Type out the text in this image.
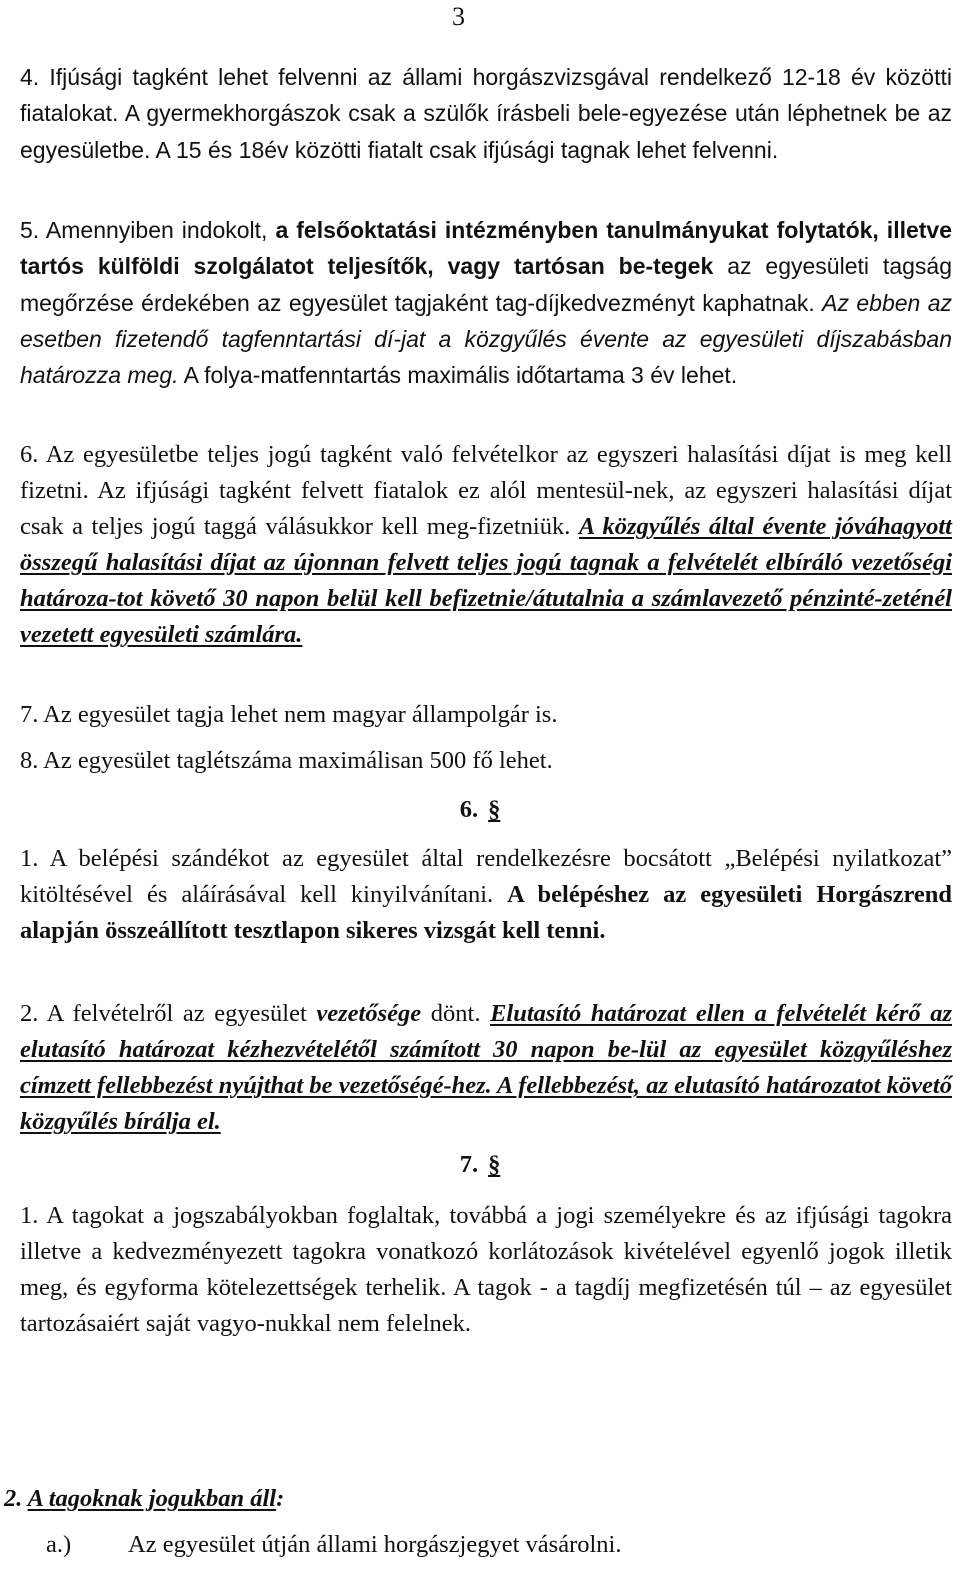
3
4. Ifjúsági tagként lehet felvenni az állami horgászvizsgával rendelkező 12-18 év közötti fiatalokat. A gyermekhorgászok csak a szülők írásbeli bele-egyezése után léphetnek be az egyesületbe. A 15 és 18év közötti fiatalt csak ifjúsági tagnak lehet felvenni.
5. Amennyiben indokolt, a felsőoktatási intézményben tanulmányukat folytatók, illetve tartós külföldi szolgálatot teljesítők, vagy tartósan be-tegek az egyesületi tagság megőrzése érdekében az egyesület tagjaként tag-díjkedvezményt kaphatnak. Az ebben az esetben fizetendő tagfenntartási dí-jat a közgyűlés évente az egyesületi díjszabásban határozza meg. A folya-matfenntartás maximális időtartama 3 év lehet.
6. Az egyesületbe teljes jogú tagként való felvételkor az egyszeri halasítási díjat is meg kell fizetni. Az ifjúsági tagként felvett fiatalok ez alól mentesül-nek, az egyszeri halasítási díjat csak a teljes jogú taggá válásukkor kell meg-fizetniük. A közgyűlés által évente jóváhagyott összegű halasítási díjat az újonnan felvett teljes jogú tagnak a felvételét elbíráló vezetőségi határoza-tot követő 30 napon belül kell befizetnie/átutalnia a számlavezető pénzinté-zeténél vezetett egyesületi számlára.
7. Az egyesület tagja lehet nem magyar állampolgár is.
8. Az egyesület taglétszáma maximálisan 500 fő lehet.
6. §
1. A belépési szándékot az egyesület által rendelkezésre bocsátott „Belépési nyilatkozat” kitöltésével és aláírásával kell kinyilvánítani. A belépéshez az egyesületi Horgászrend alapján összeállított tesztlapon sikeres vizsgát kell tenni.
2. A felvételről az egyesület vezetősége dönt. Elutasító határozat ellen a felvételét kérő az elutasító határozat kézhezvételétől számított 30 napon be-lül az egyesület közgyűléshez címzett fellebbezést nyújthat be vezetőségé-hez. A fellebbezést, az elutasító határozatot követő közgyűlés bírálja el.
7. §
1. A tagokat a jogszabályokban foglaltak, továbbá a jogi személyekre és az ifjúsági tagokra illetve a kedvezményezett tagokra vonatkozó korlátozások kivételével egyenlő jogok illetik meg, és egyforma kötelezettségek terhelik. A tagok - a tagdíj megfizetésén túl – az egyesület tartozásaiért saját vagyo-nukkal nem felelnek.
2. A tagoknak jogukban áll:
a.) Az egyesület útján állami horgászjegyet vásárolni.
